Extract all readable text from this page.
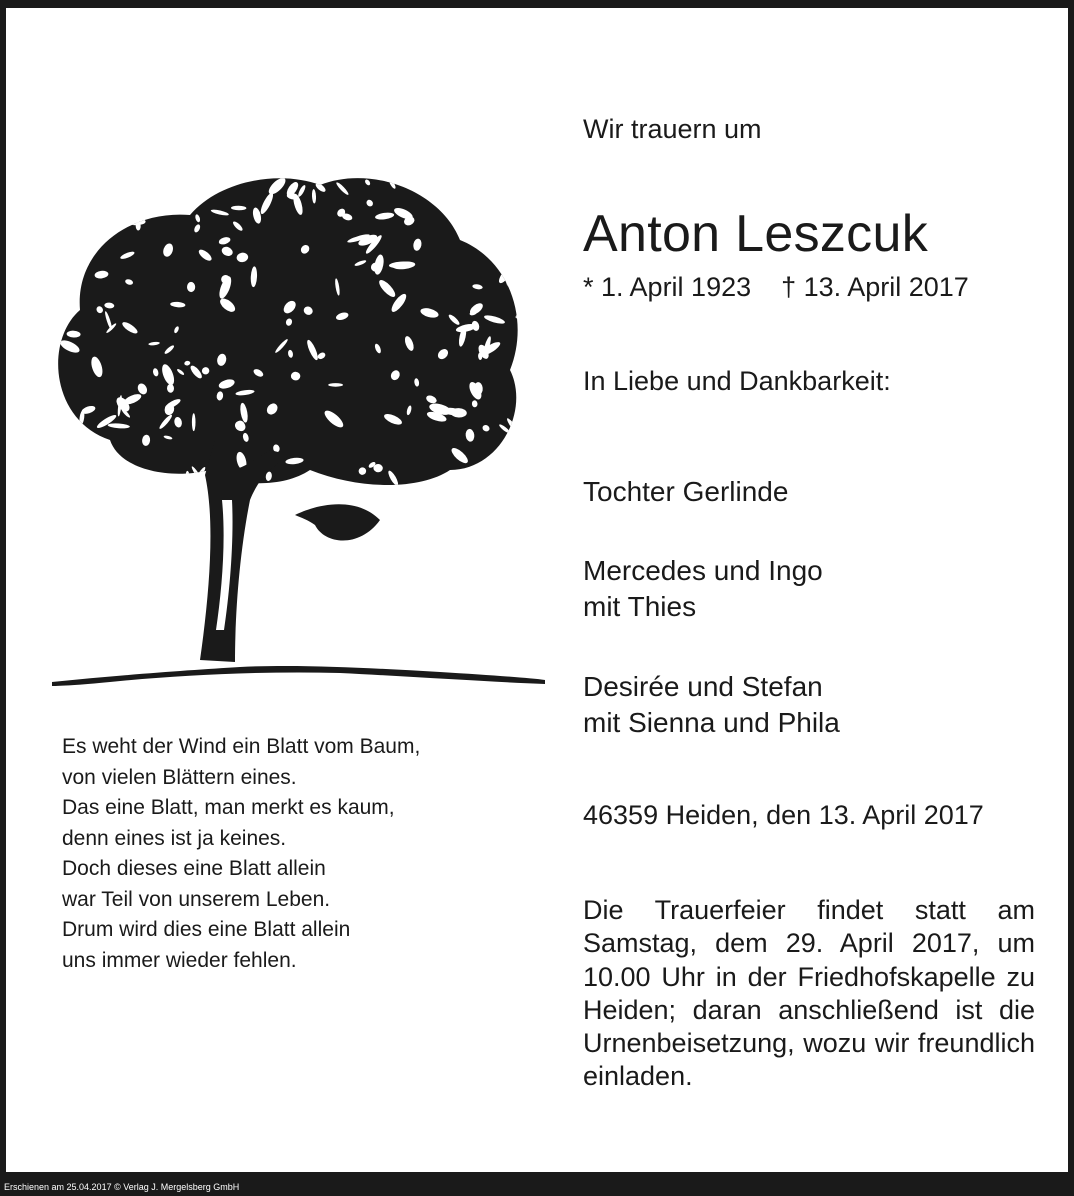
Es weht der Wind ein Blatt vom Baum,
von vielen Blättern eines.
Das eine Blatt, man merkt es kaum,
denn eines ist ja keines.
Doch dieses eine Blatt allein
war Teil von unserem Leben.
Drum wird dies eine Blatt allein
uns immer wieder fehlen.
Wir trauern um
Anton Leszcuk
* 1. April 1923 † 13. April 2017
In Liebe und Dankbarkeit:
Tochter Gerlinde
Mercedes und Ingo
mit Thies
Desirée und Stefan
mit Sienna und Phila
46359 Heiden, den 13. April 2017
Die Trauerfeier findet statt am Samstag, dem 29. April 2017, um 10.00 Uhr in der Friedhofskapelle zu Heiden; daran anschließend ist die Urnenbeisetzung, wozu wir freundlich einladen.
Erschienen am 25.04.2017 © Verlag J. Mergelsberg GmbH
